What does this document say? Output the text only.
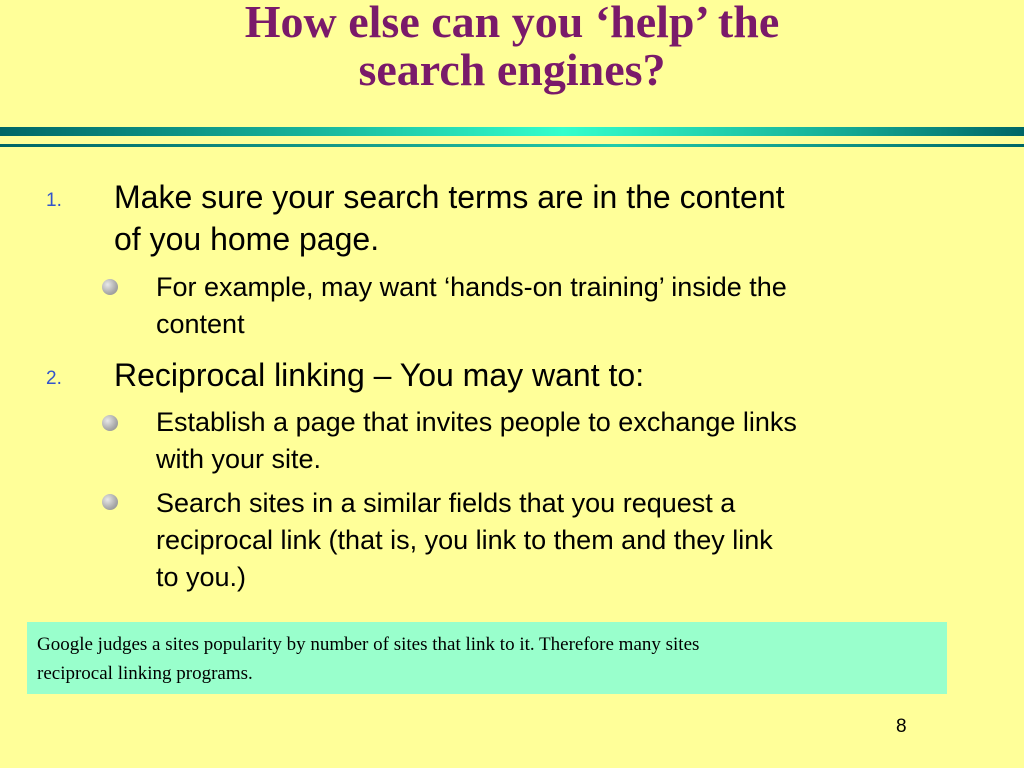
How else can you ‘help’ the
search engines?
1. Make sure your search terms are in the content
of you home page.
For example, may want ‘hands-on training’ inside the
content
2. Reciprocal linking – You may want to:
Establish a page that invites people to exchange links
with your site.
Search sites in a similar fields that you request a
reciprocal link (that is, you link to them and they link
to you.)
Google judges a sites popularity by number of sites that link to it. Therefore many sites
reciprocal linking programs.
8
